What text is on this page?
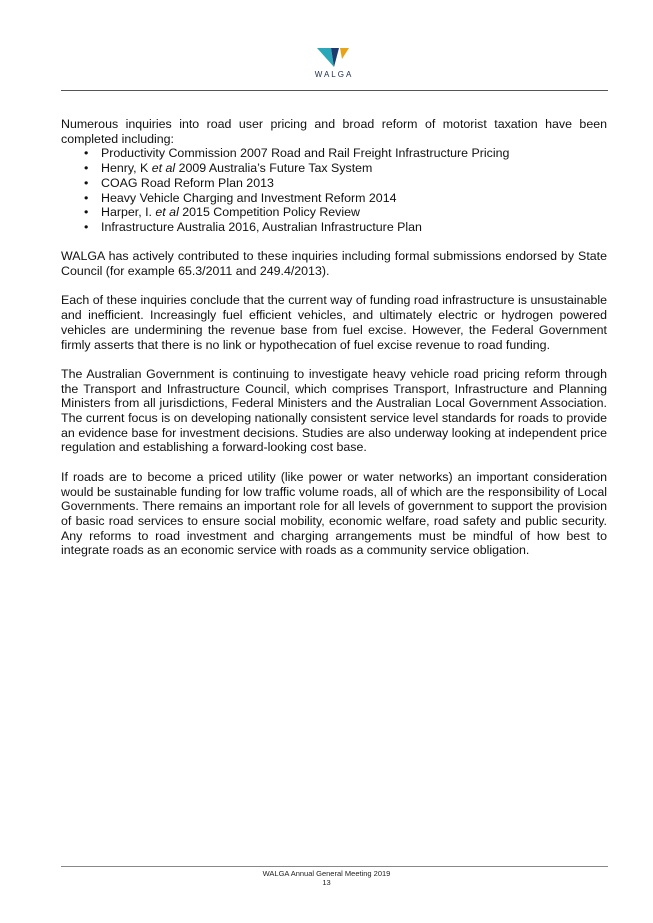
WALGA

Numerous inquiries into road user pricing and broad reform of motorist taxation have been completed including:

• Productivity Commission 2007 Road and Rail Freight Infrastructure Pricing
• Henry, K et al 2009 Australia’s Future Tax System
• COAG Road Reform Plan 2013
• Heavy Vehicle Charging and Investment Reform 2014
• Harper, I. et al 2015 Competition Policy Review
• Infrastructure Australia 2016, Australian Infrastructure Plan

WALGA has actively contributed to these inquiries including formal submissions endorsed by State Council (for example 65.3/2011 and 249.4/2013).

Each of these inquiries conclude that the current way of funding road infrastructure is unsustainable and inefficient. Increasingly fuel efficient vehicles, and ultimately electric or hydrogen powered vehicles are undermining the revenue base from fuel excise. However, the Federal Government firmly asserts that there is no link or hypothecation of fuel excise revenue to road funding.

The Australian Government is continuing to investigate heavy vehicle road pricing reform through the Transport and Infrastructure Council, which comprises Transport, Infrastructure and Planning Ministers from all jurisdictions, Federal Ministers and the Australian Local Government Association. The current focus is on developing nationally consistent service level standards for roads to provide an evidence base for investment decisions. Studies are also underway looking at independent price regulation and establishing a forward-looking cost base.

If roads are to become a priced utility (like power or water networks) an important consideration would be sustainable funding for low traffic volume roads, all of which are the responsibility of Local Governments. There remains an important role for all levels of government to support the provision of basic road services to ensure social mobility, economic welfare, road safety and public security. Any reforms to road investment and charging arrangements must be mindful of how best to integrate roads as an economic service with roads as a community service obligation.

WALGA Annual General Meeting 2019
13
